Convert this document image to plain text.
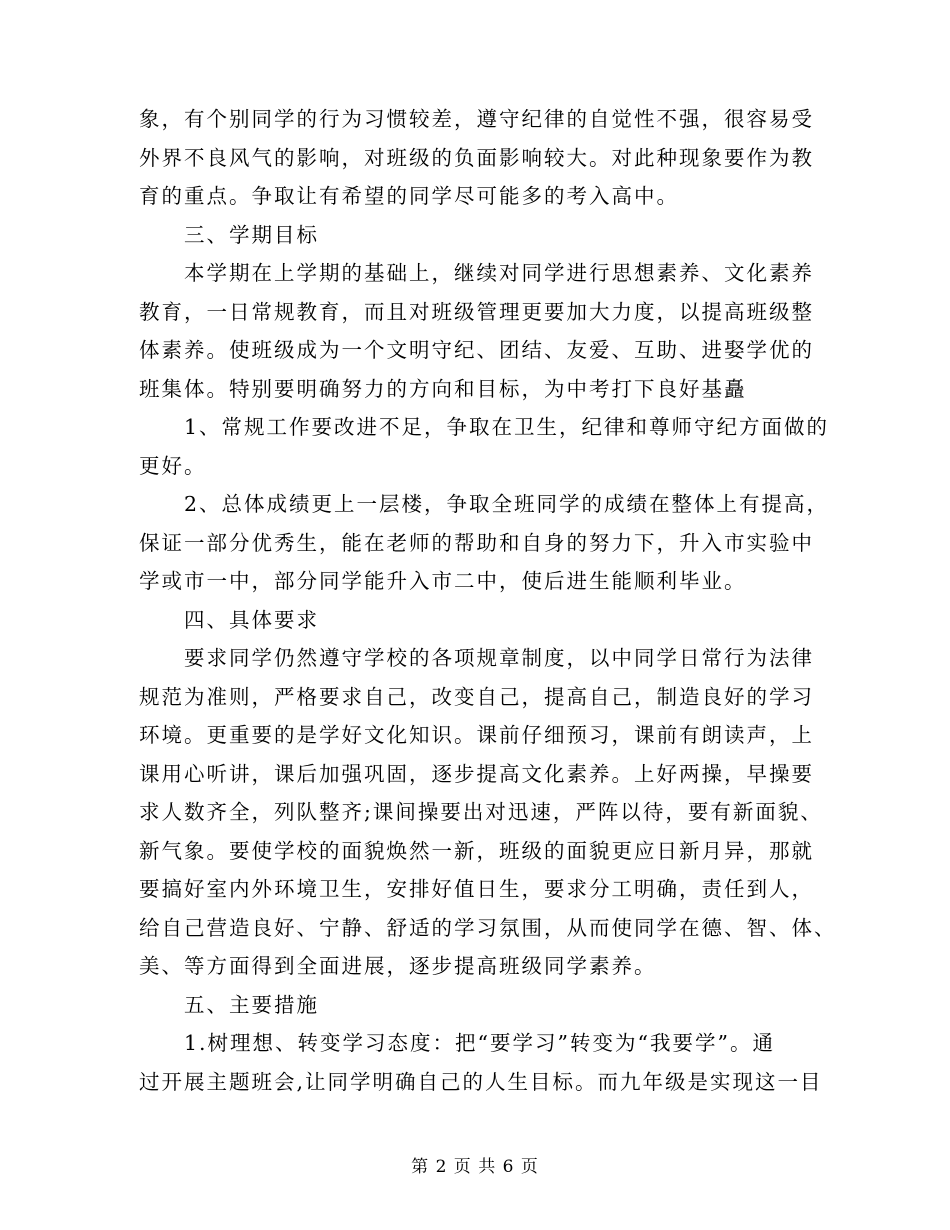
象，有个别同学的行为习惯较差，遵守纪律的自觉性不强，很容易受
外界不良风气的影响，对班级的负面影响较大。对此种现象要作为教
育的重点。争取让有希望的同学尽可能多的考入高中。
三、学期目标
本学期在上学期的基础上，继续对同学进行思想素养、文化素养
教育，一日常规教育，而且对班级管理更要加大力度，以提高班级整
体素养。使班级成为一个文明守纪、团结、友爱、互助、进娶学优的
班集体。特别要明确努力的方向和目标，为中考打下良好基矗
1、常规工作要改进不足，争取在卫生，纪律和尊师守纪方面做的
更好。
2、总体成绩更上一层楼，争取全班同学的成绩在整体上有提高，
保证一部分优秀生，能在老师的帮助和自身的努力下，升入市实验中
学或市一中，部分同学能升入市二中，使后进生能顺利毕业。
四、具体要求
要求同学仍然遵守学校的各项规章制度，以中同学日常行为法律
规范为准则，严格要求自己，改变自己，提高自己，制造良好的学习
环境。更重要的是学好文化知识。课前仔细预习，课前有朗读声，上
课用心听讲，课后加强巩固，逐步提高文化素养。上好两操，早操要
求人数齐全，列队整齐;课间操要出对迅速，严阵以待，要有新面貌、
新气象。要使学校的面貌焕然一新，班级的面貌更应日新月异，那就
要搞好室内外环境卫生，安排好值日生，要求分工明确，责任到人，
给自己营造良好、宁静、舒适的学习氛围，从而使同学在德、智、体、
美、等方面得到全面进展，逐步提高班级同学素养。
五、主要措施
1.树理想、转变学习态度：把“要学习”转变为“我要学”。通
过开展主题班会,让同学明确自己的人生目标。而九年级是实现这一目
第 2 页 共 6 页
